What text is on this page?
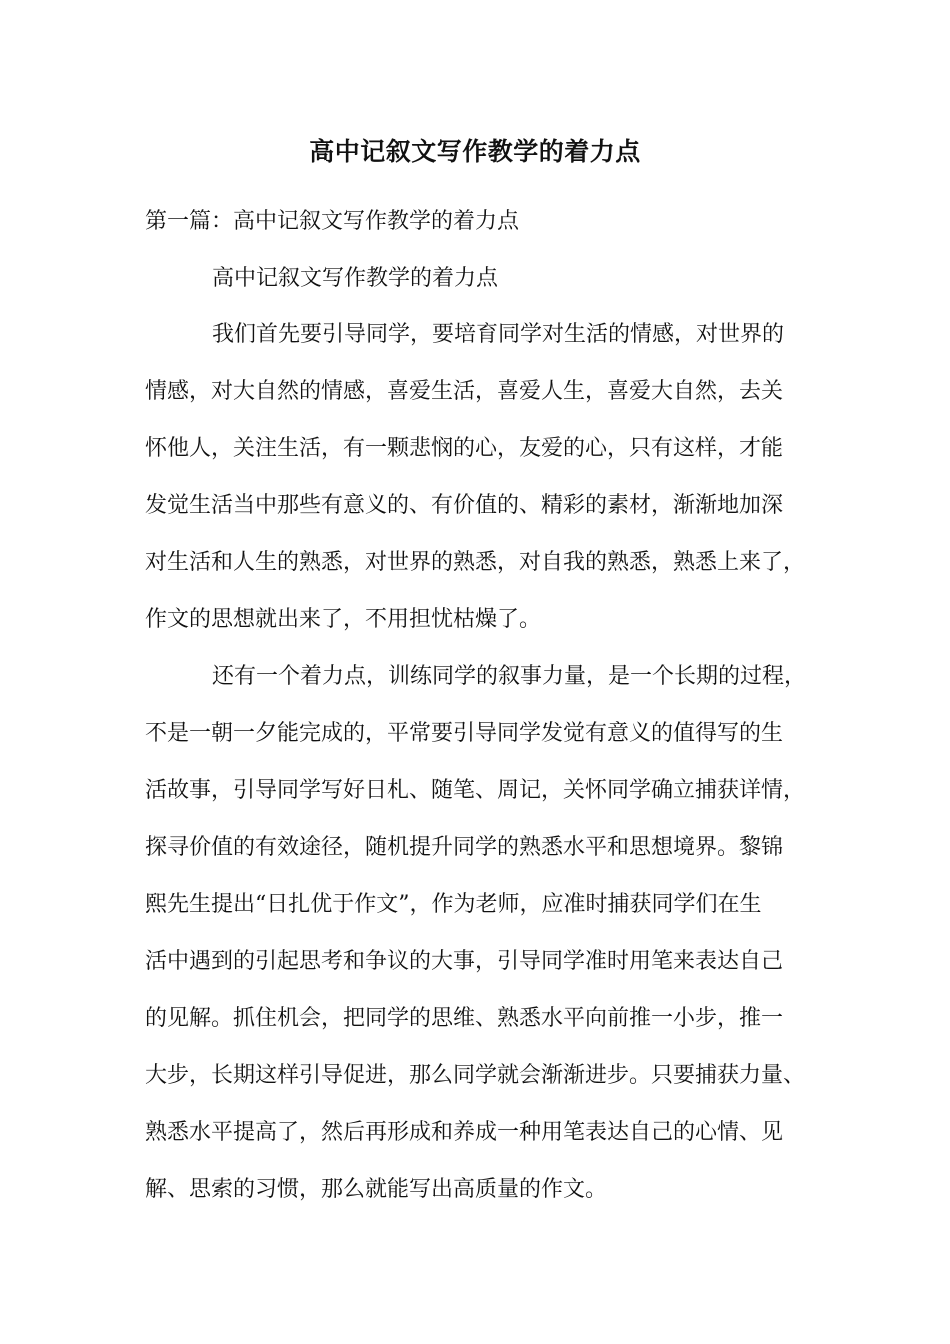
高中记叙文写作教学的着力点
第一篇：高中记叙文写作教学的着力点
高中记叙文写作教学的着力点
我们首先要引导同学，要培育同学对生活的情感，对世界的
情感，对大自然的情感，喜爱生活，喜爱人生，喜爱大自然，去关
怀他人，关注生活，有一颗悲悯的心，友爱的心，只有这样，才能
发觉生活当中那些有意义的、有价值的、精彩的素材，渐渐地加深
对生活和人生的熟悉，对世界的熟悉，对自我的熟悉，熟悉上来了，
作文的思想就出来了，不用担忧枯燥了。
还有一个着力点，训练同学的叙事力量，是一个长期的过程，
不是一朝一夕能完成的，平常要引导同学发觉有意义的值得写的生
活故事，引导同学写好日札、随笔、周记，关怀同学确立捕获详情，
探寻价值的有效途径，随机提升同学的熟悉水平和思想境界。黎锦
熙先生提出“日扎优于作文”，作为老师，应准时捕获同学们在生
活中遇到的引起思考和争议的大事，引导同学准时用笔来表达自己
的见解。抓住机会，把同学的思维、熟悉水平向前推一小步，推一
大步，长期这样引导促进，那么同学就会渐渐进步。只要捕获力量、
熟悉水平提高了，然后再形成和养成一种用笔表达自己的心情、见
解、思索的习惯，那么就能写出高质量的作文。
